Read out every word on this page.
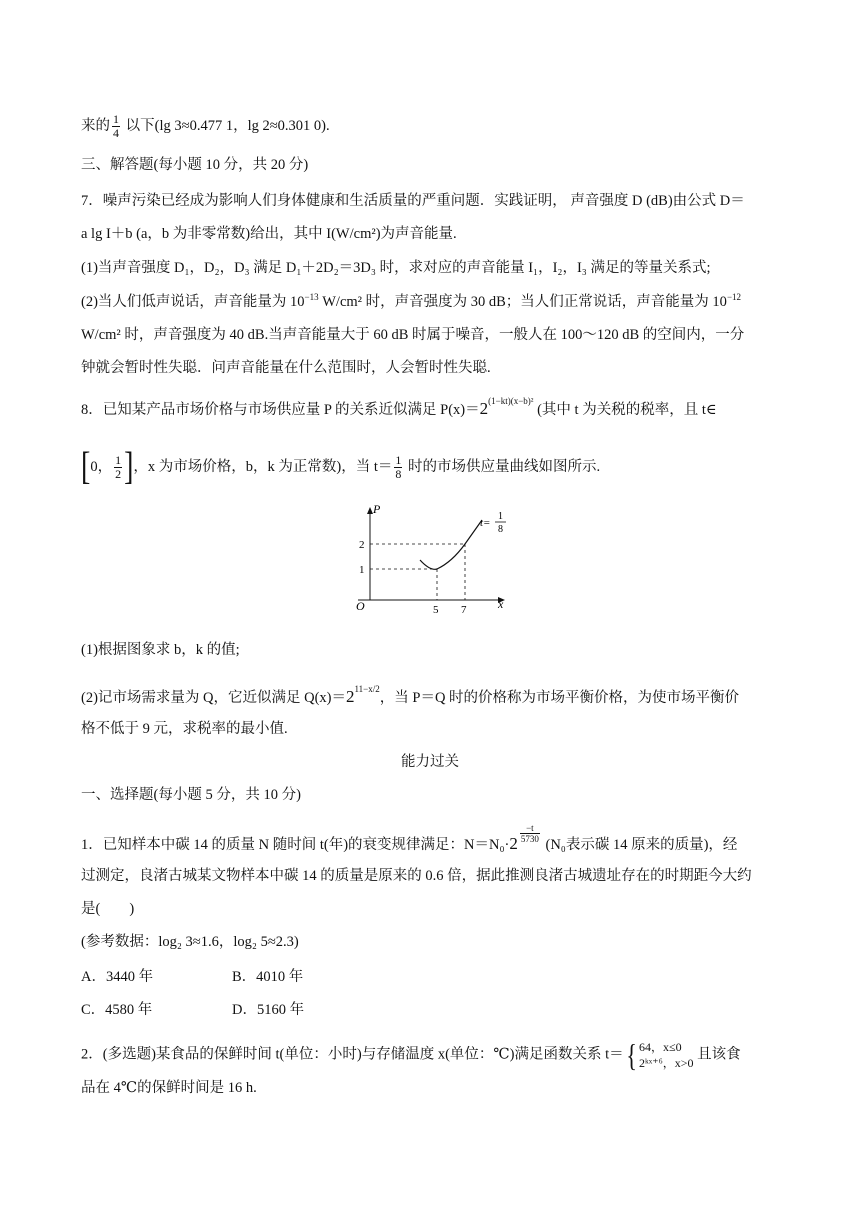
来的 $\frac{1}{4}$ 以下(lg 3≈0.477 1，lg 2≈0.301 0).
三、解答题(每小题 10 分，共 20 分)
7．噪声污染已经成为影响人们身体健康和生活质量的严重问题．实践证明， 声音强度 D (dB)由公式 D＝
a lg I＋b (a，b 为非零常数)给出，其中 I(W/cm²)为声音能量.
(1)当声音强度 D₁，D₂，D₃ 满足 D₁＋2D₂＝3D₃ 时，求对应的声音能量 I₁，I₂，I₃ 满足的等量关系式;
(2)当人们低声说话，声音能量为 $10^{-13}$ W/cm² 时，声音强度为 30 dB；当人们正常说话，声音能量为 $10^{-12}$
W/cm² 时，声音强度为 40 dB.当声音能量大于 60 dB 时属于噪音，一般人在 100～120 dB 的空间内，一分
钟就会暂时性失聪．问声音能量在什么范围时，人会暂时性失聪.
8．已知某产品市场价格与市场供应量 P 的关系近似满足 $P(x)=2^{(1-kt)(x-b)^2}$ (其中 t 为关税的税率，且 t∈
[0， $\frac{1}{2}$ ]，x 为市场价格，b，k 为正常数)，当 $t= \frac{1}{8}$ 时的市场供应量曲线如图所示.
P
x
O
1
2
5 7
t=
1
8
(1)根据图象求 b，k 的值;
(2)记市场需求量为 Q，它近似满足 $Q(x)=2^{11-x/2}$，当 P＝Q 时的价格称为市场平衡价格，为使市场平衡价
格不低于 9 元，求税率的最小值.
能力过关
一、选择题(每小题 5 分，共 10 分)
1．已知样本中碳 14 的质量 N 随时间 t(年)的衰变规律满足：$N=N_0\cdot 2 \frac{-t}{5730}$
(N₀表示碳 14 原来的质量)，经
过测定，良渚古城某文物样本中碳 14 的质量是原来的 0.6 倍，据此推测良渚古城遗址存在的时期距今大约
是(　　)
(参考数据：log₂ 3≈1.6，log₂ 5≈2.3)
A．3440 年	B．4010 年
C．4580 年	D．5160 年
2．(多选题)某食品的保鲜时间 t(单位：小时)与存储温度 x(单位：℃)满足函数关系 t＝{ 64，x≤0
2ᵏˣ⁺⁶，x>0
且该食
品在 4℃的保鲜时间是 16 h.
